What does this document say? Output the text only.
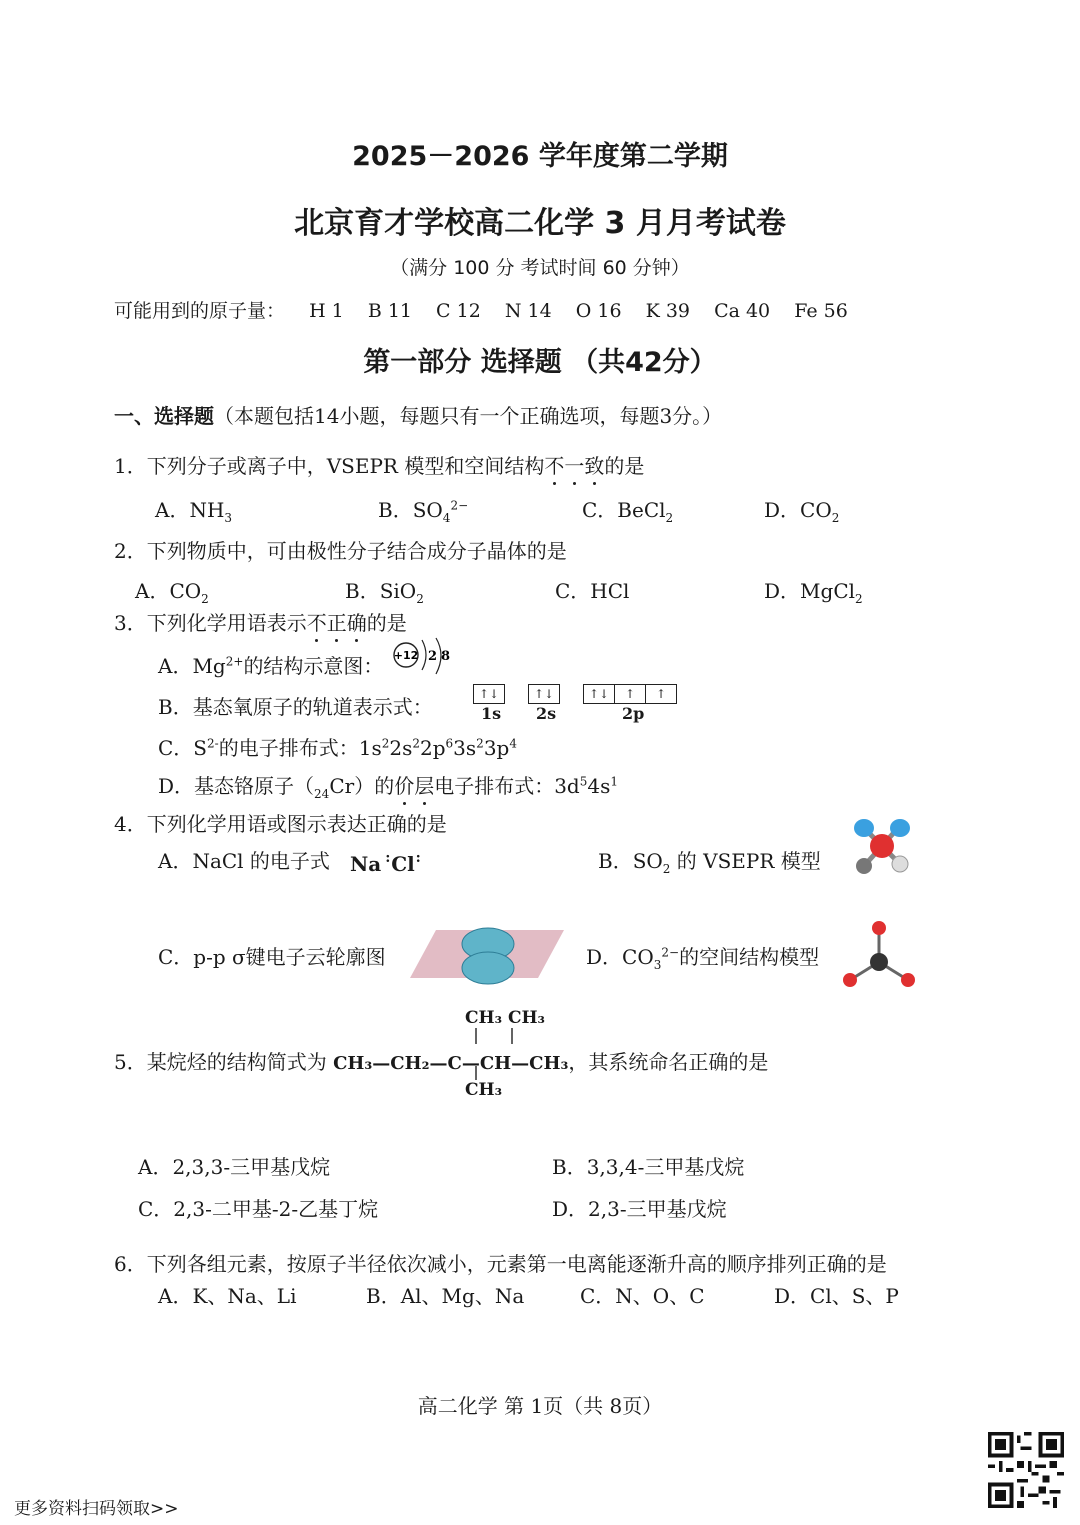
2025－2026 学年度第二学期
北京育才学校高二化学 3 月月考试卷
（满分 100 分 考试时间 60 分钟）
可能用到的原子量： H 1 B 11 C 12 N 14 O 16 K 39 Ca 40 Fe 56
第一部分 选择题 （共42分）
一、选择题（本题包括14小题，每题只有一个正确选项，每题3分。）
1．下列分子或离子中，VSEPR 模型和空间结构不一致的是
A．$NH_3$	B．$SO_4^{2-}$	C．BeCl$_2$	D．$CO_2$
2．下列物质中，可由极性分子结合成分子晶体的是
A．$CO_2$	B．SiO$_2$	C．HCl	D．MgCl$_2$
3．下列化学用语表示不正确的是
A．$Mg^{2+}$的结构示意图： +12 2 8
B．基态氧原子的轨道表示式：
↑↓	↑↓	↑↓	↑	↑
1s 2s	2p
C．$S^{2-}$的电子排布式：$1s^22s^22p^63s^23p^4$
D．基态铬原子$(_{24}Cr)$的价层电子排布式：$3d^54s^1$
4．下列化学用语或图示表达正确的是
A．NaCl 的电子式 Na : Cl :	B．$SO_2$ 的 VSEPR 模型
C．p-p σ键电子云轮廓图	D．$CO_3^{2-}$的空间结构模型
CH₃ CH₃
5．某烷烃的结构简式为 CH₃—CH₂—C—CH—CH₃，其系统命名正确的是
CH₃
A．2,3,3-三甲基戊烷	B．3,3,4-三甲基戊烷
C．2,3-二甲基-2-乙基丁烷	D．2,3-三甲基戊烷
6．下列各组元素，按原子半径依次减小，元素第一电离能逐渐升高的顺序排列正确的是
A．K、Na、Li	B．Al、Mg、Na	C．N、O、C	D．Cl、S、P
高二化学 第 1页（共 8页）
更多资料扫码领取>>
